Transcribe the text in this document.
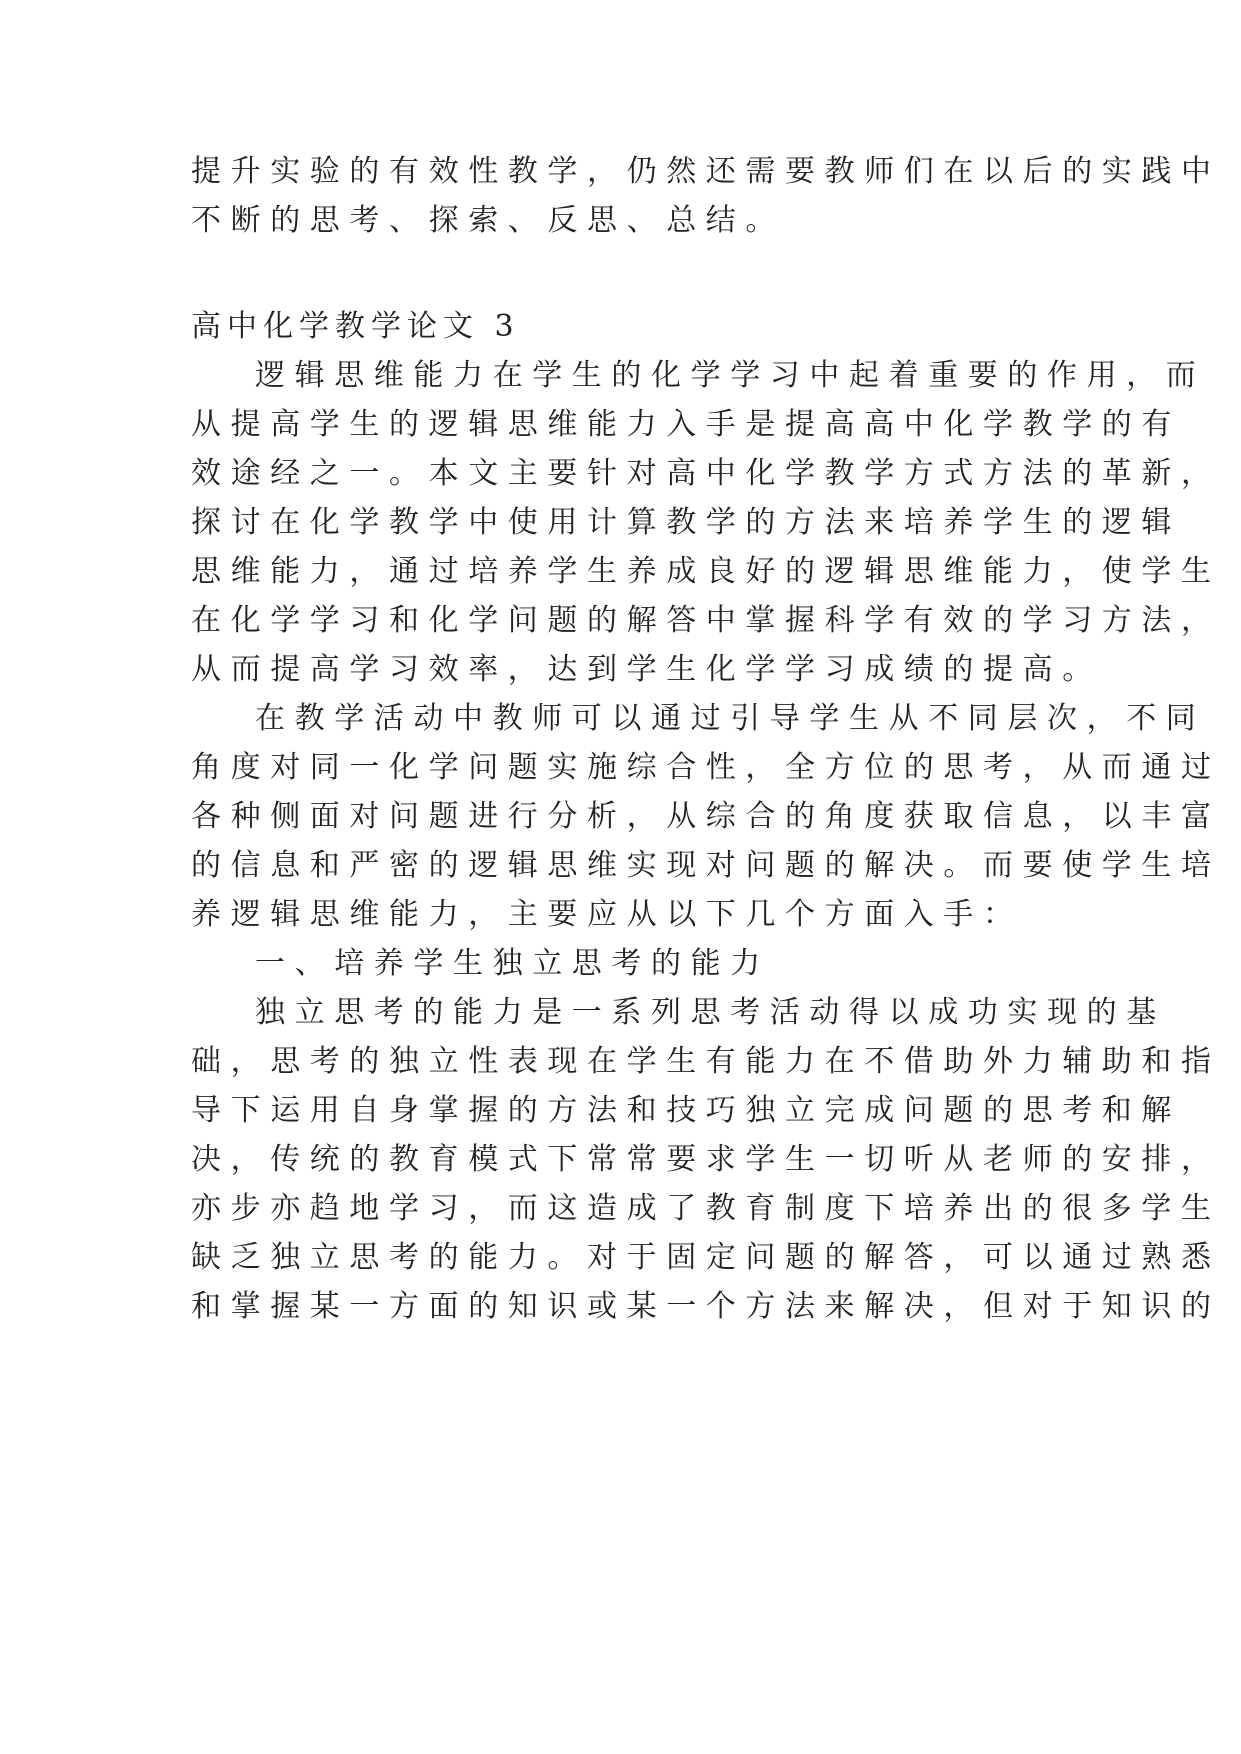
提升实验的有效性教学，仍然还需要教师们在以后的实践中
不断的思考、探索、反思、总结。
高中化学教学论文 3
逻辑思维能力在学生的化学学习中起着重要的作用，而
从提高学生的逻辑思维能力入手是提高高中化学教学的有
效途经之一。本文主要针对高中化学教学方式方法的革新，
探讨在化学教学中使用计算教学的方法来培养学生的逻辑
思维能力，通过培养学生养成良好的逻辑思维能力，使学生
在化学学习和化学问题的解答中掌握科学有效的学习方法，
从而提高学习效率，达到学生化学学习成绩的提高。
在教学活动中教师可以通过引导学生从不同层次，不同
角度对同一化学问题实施综合性，全方位的思考，从而通过
各种侧面对问题进行分析，从综合的角度获取信息，以丰富
的信息和严密的逻辑思维实现对问题的解决。而要使学生培
养逻辑思维能力，主要应从以下几个方面入手：
一、培养学生独立思考的能力
独立思考的能力是一系列思考活动得以成功实现的基
础，思考的独立性表现在学生有能力在不借助外力辅助和指
导下运用自身掌握的方法和技巧独立完成问题的思考和解
决，传统的教育模式下常常要求学生一切听从老师的安排，
亦步亦趋地学习，而这造成了教育制度下培养出的很多学生
缺乏独立思考的能力。对于固定问题的解答，可以通过熟悉
和掌握某一方面的知识或某一个方法来解决，但对于知识的
